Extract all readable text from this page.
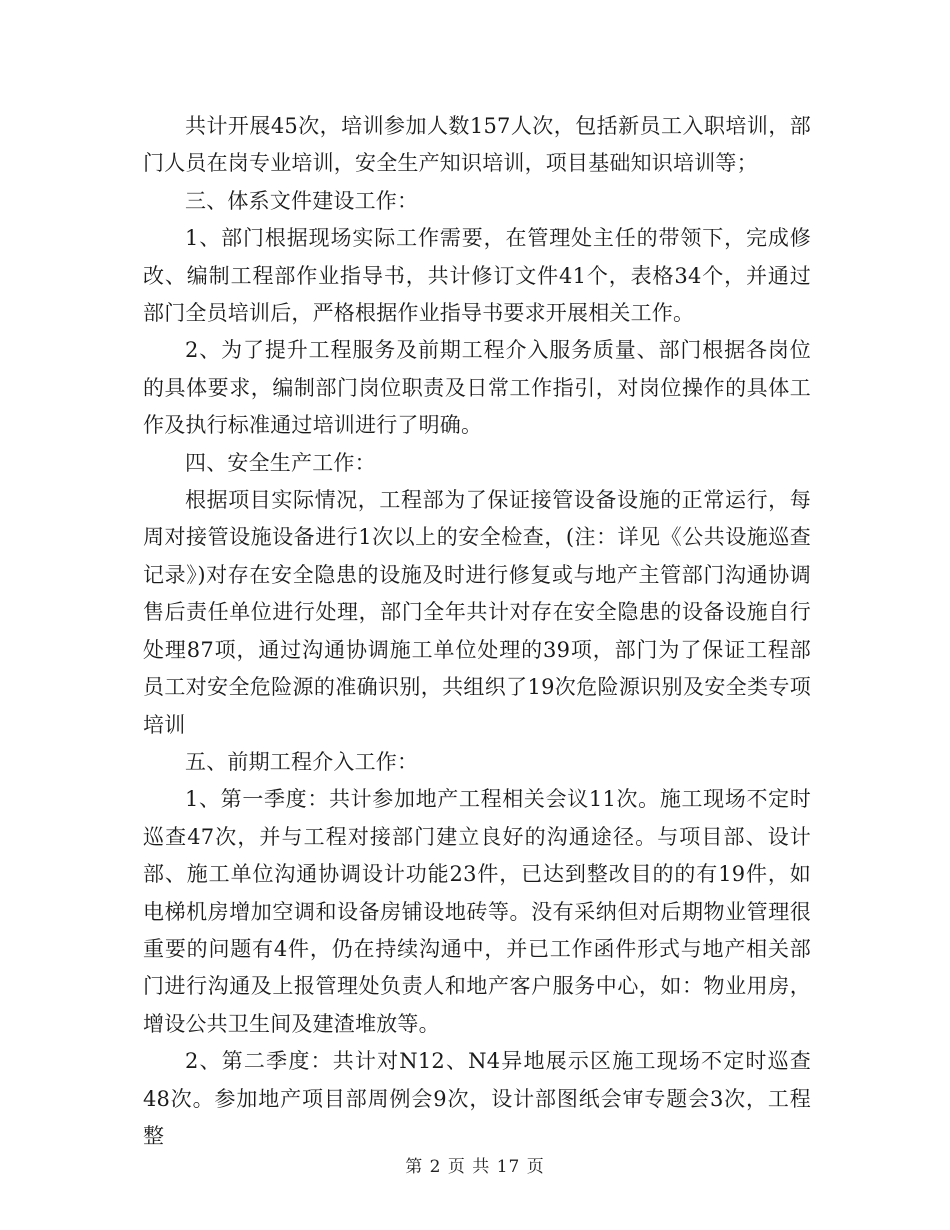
共计开展45次，培训参加人数157人次，包括新员工入职培训，部门人员在岗专业培训，安全生产知识培训，项目基础知识培训等；

三、体系文件建设工作：

1、部门根据现场实际工作需要，在管理处主任的带领下，完成修改、编制工程部作业指导书，共计修订文件41个，表格34个，并通过部门全员培训后，严格根据作业指导书要求开展相关工作。

2、为了提升工程服务及前期工程介入服务质量、部门根据各岗位的具体要求，编制部门岗位职责及日常工作指引，对岗位操作的具体工作及执行标准通过培训进行了明确。

四、安全生产工作：

根据项目实际情况，工程部为了保证接管设备设施的正常运行，每周对接管设施设备进行1次以上的安全检查，(注：详见《公共设施巡查记录》)对存在安全隐患的设施及时进行修复或与地产主管部门沟通协调售后责任单位进行处理，部门全年共计对存在安全隐患的设备设施自行处理87项，通过沟通协调施工单位处理的39项，部门为了保证工程部员工对安全危险源的准确识别，共组织了19次危险源识别及安全类专项培训

五、前期工程介入工作：

1、第一季度：共计参加地产工程相关会议11次。施工现场不定时巡查47次，并与工程对接部门建立良好的沟通途径。与项目部、设计部、施工单位沟通协调设计功能23件，已达到整改目的的有19件，如电梯机房增加空调和设备房铺设地砖等。没有采纳但对后期物业管理很重要的问题有4件，仍在持续沟通中，并已工作函件形式与地产相关部门进行沟通及上报管理处负责人和地产客户服务中心，如：物业用房，增设公共卫生间及建渣堆放等。

2、第二季度：共计对N12、N4异地展示区施工现场不定时巡查48次。参加地产项目部周例会9次，设计部图纸会审专题会3次，工程整

第 2 页 共 17 页
